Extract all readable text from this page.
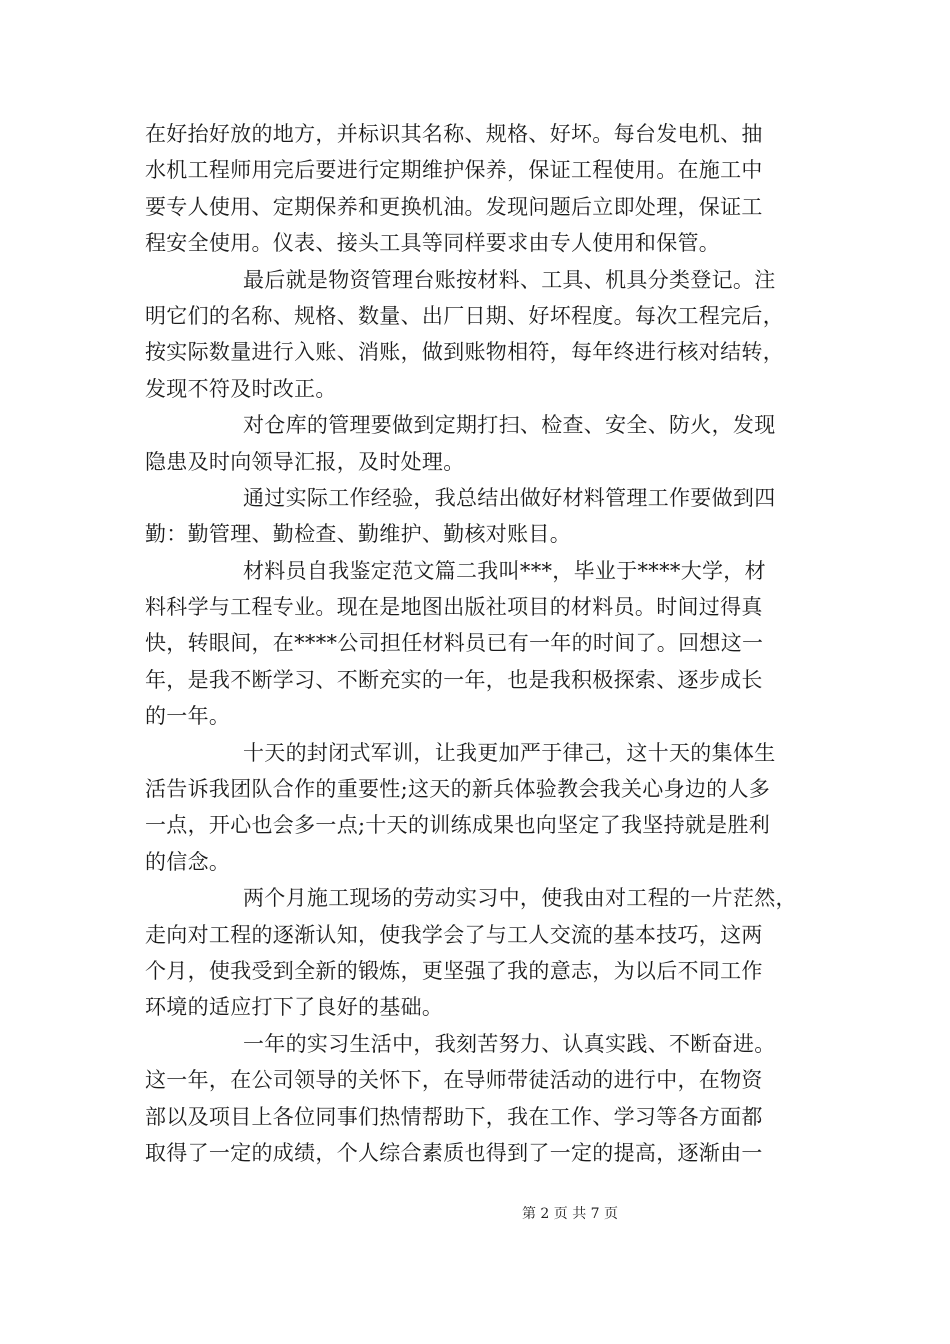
在好抬好放的地方，并标识其名称、规格、好坏。每台发电机、抽
水机工程师用完后要进行定期维护保养，保证工程使用。在施工中
要专人使用、定期保养和更换机油。发现问题后立即处理，保证工
程安全使用。仪表、接头工具等同样要求由专人使用和保管。
最后就是物资管理台账按材料、工具、机具分类登记。注
明它们的名称、规格、数量、出厂日期、好坏程度。每次工程完后，
按实际数量进行入账、消账，做到账物相符，每年终进行核对结转，
发现不符及时改正。
对仓库的管理要做到定期打扫、检查、安全、防火，发现
隐患及时向领导汇报，及时处理。
通过实际工作经验，我总结出做好材料管理工作要做到四
勤：勤管理、勤检查、勤维护、勤核对账目。
材料员自我鉴定范文篇二我叫***，毕业于****大学，材
料科学与工程专业。现在是地图出版社项目的材料员。时间过得真
快，转眼间，在****公司担任材料员已有一年的时间了。回想这一
年，是我不断学习、不断充实的一年，也是我积极探索、逐步成长
的一年。
十天的封闭式军训，让我更加严于律己，这十天的集体生
活告诉我团队合作的重要性;这天的新兵体验教会我关心身边的人多
一点，开心也会多一点;十天的训练成果也向坚定了我坚持就是胜利
的信念。
两个月施工现场的劳动实习中，使我由对工程的一片茫然，
走向对工程的逐渐认知，使我学会了与工人交流的基本技巧，这两
个月，使我受到全新的锻炼，更坚强了我的意志，为以后不同工作
环境的适应打下了良好的基础。
一年的实习生活中，我刻苦努力、认真实践、不断奋进。
这一年，在公司领导的关怀下，在导师带徒活动的进行中，在物资
部以及项目上各位同事们热情帮助下，我在工作、学习等各方面都
取得了一定的成绩，个人综合素质也得到了一定的提高，逐渐由一
第 2 页 共 7 页
